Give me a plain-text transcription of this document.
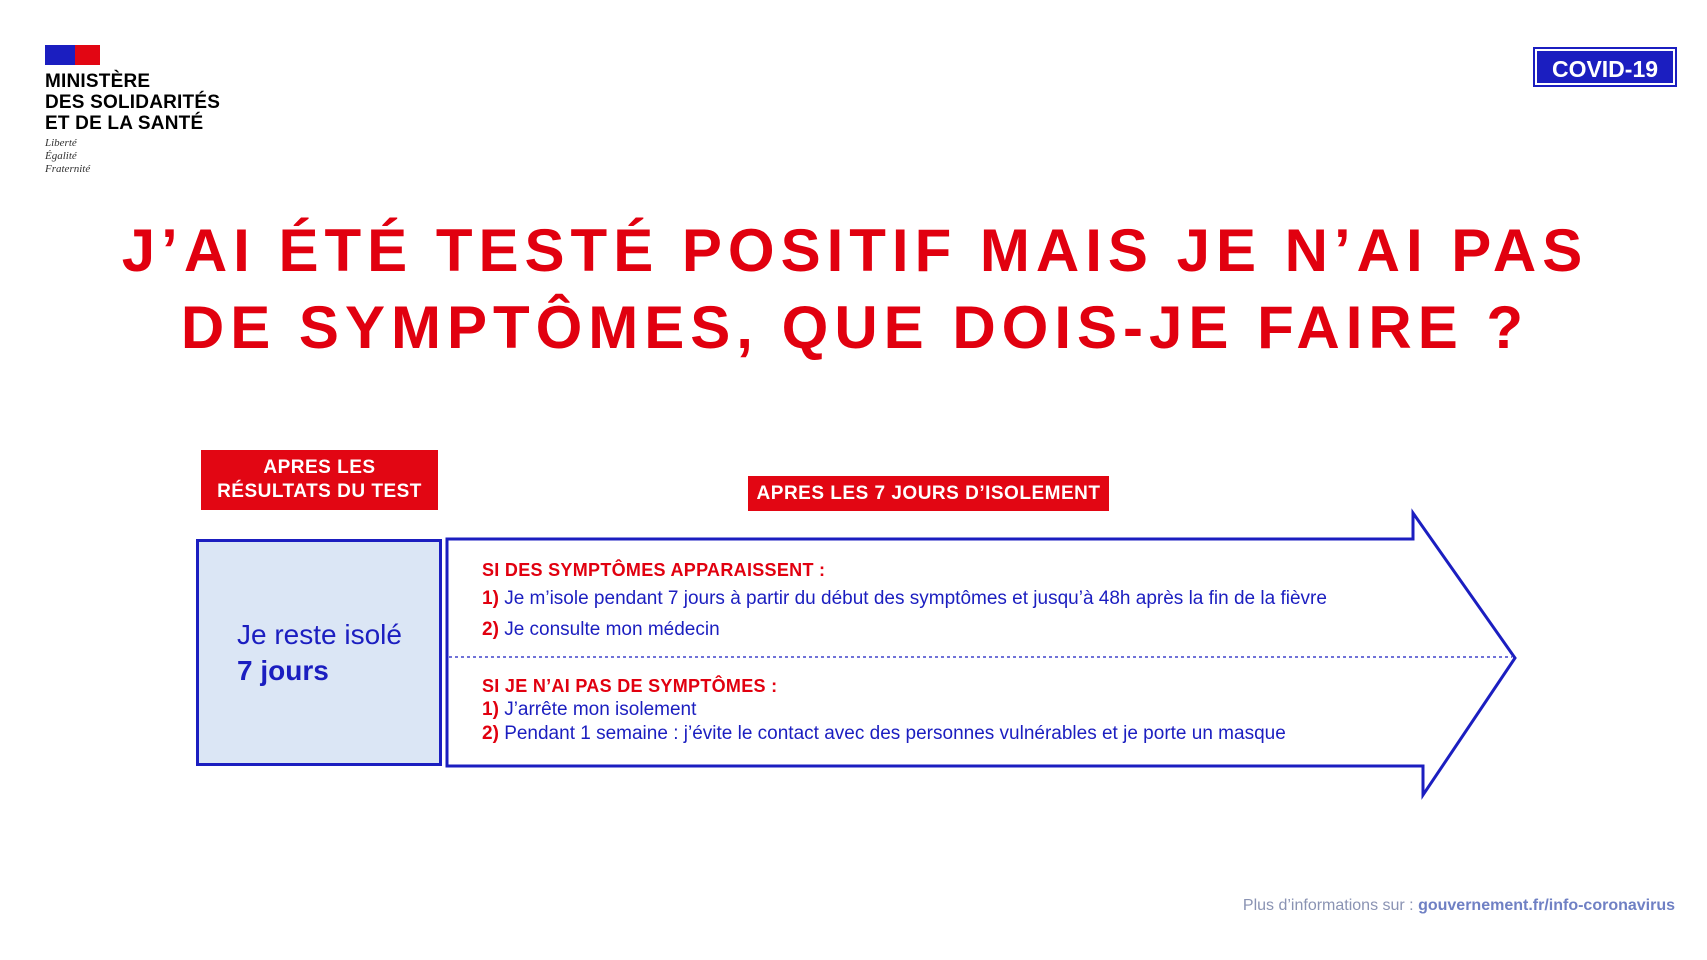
MINISTÈRE
DES SOLIDARITÉS
ET DE LA SANTÉ
Liberté
Égalité
Fraternité
COVID-19
J’AI ÉTÉ TESTÉ POSITIF MAIS JE N’AI PAS
DE SYMPTÔMES, QUE DOIS-JE FAIRE ?
APRES LES
RÉSULTATS DU TEST	APRES LES 7 JOURS D’ISOLEMENT
Je reste isolé
7 jours
SI DES SYMPTÔMES APPARAISSENT :
1) Je m’isole pendant 7 jours à partir du début des symptômes et jusqu’à 48h après la fin de la fièvre
2) Je consulte mon médecin
SI JE N’AI PAS DE SYMPTÔMES :
1) J’arrête mon isolement
2) Pendant 1 semaine : j’évite le contact avec des personnes vulnérables et je porte un masque
Plus d’informations sur : gouvernement.fr/info-coronavirus
